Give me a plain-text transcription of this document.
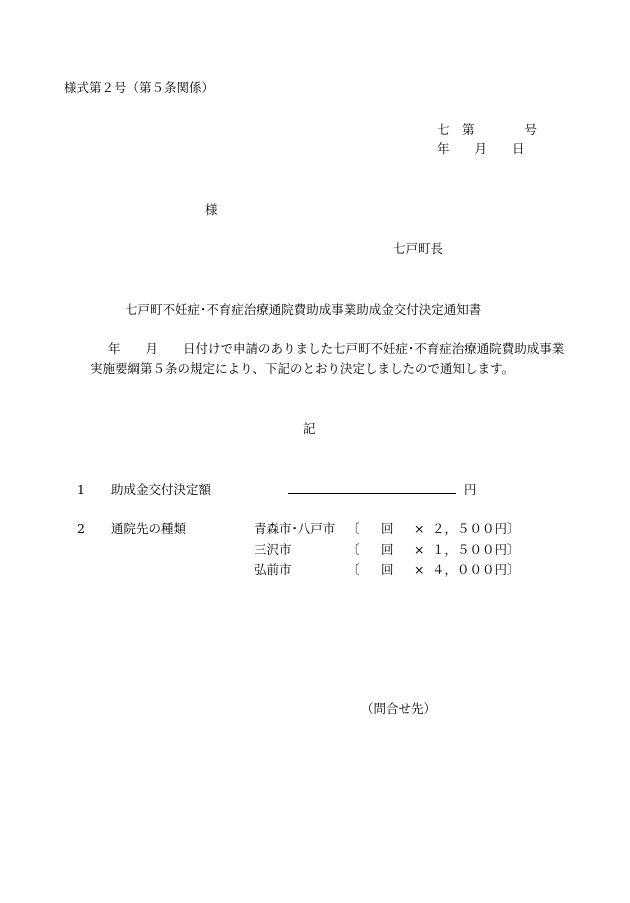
様式第２号（第５条関係）
七　第　　　　号
年　　月　　日
様
七戸町長
七戸町不妊症･不育症治療通院費助成事業助成金交付決定通知書
年　　月　　日付けで申請のありました七戸町不妊症･不育症治療通院費助成事業
実施要綱第５条の規定により、下記のとおり決定しましたので通知します。
記
1 助成金交付決定額	円
2 通院先の種類	青森市･八戸市 〔 回 × ２，５００円〕
三沢市	〔 回 × １，５００円〕
弘前市	〔 回 × ４，０００円〕
（問合せ先）
